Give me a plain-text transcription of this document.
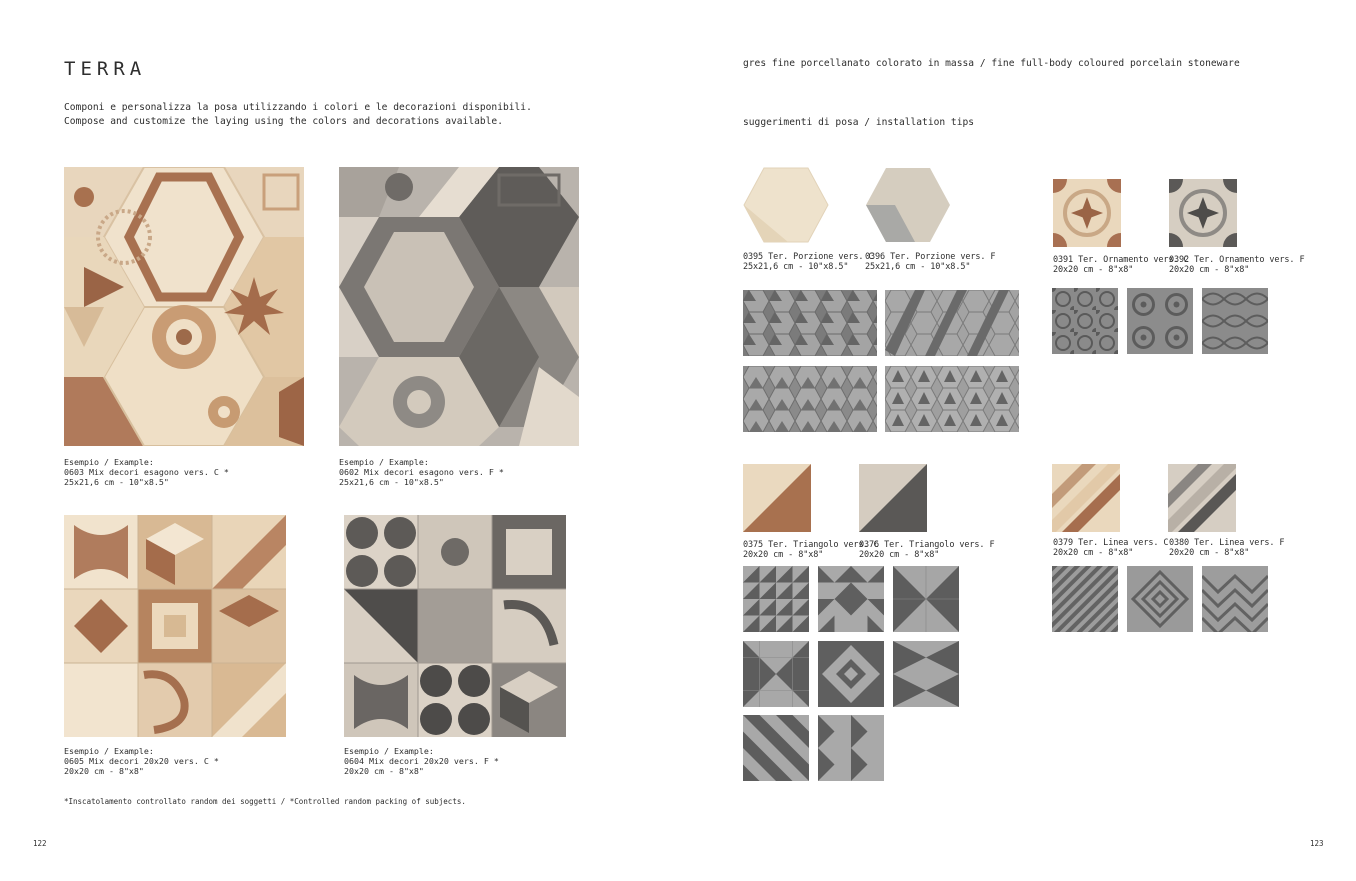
TERRA
Componi e personalizza la posa utilizzando i colori e le decorazioni disponibili.
Compose and customize the laying using the colors and decorations available.
Esempio / Example:
0603 Mix decori esagono vers. C *
25x21,6 cm - 10"x8.5"
Esempio / Example:
0602 Mix decori esagono vers. F *
25x21,6 cm - 10"x8.5"
Esempio / Example:
0605 Mix decori 20x20 vers. C *
20x20 cm - 8"x8"
Esempio / Example:
0604 Mix decori 20x20 vers. F *
20x20 cm - 8"x8"
*Inscatolamento controllato random dei soggetti / *Controlled random packing of subjects.
122
gres fine porcellanato colorato in massa / fine full-body coloured porcelain stoneware
suggerimenti di posa / installation tips
0395 Ter. Porzione vers. C
25x21,6 cm - 10"x8.5"
0396 Ter. Porzione vers. F
25x21,6 cm - 10"x8.5"
0391 Ter. Ornamento vers. C
20x20 cm - 8"x8"
0392 Ter. Ornamento vers. F
20x20 cm - 8"x8"
0375 Ter. Triangolo vers. C
20x20 cm - 8"x8"
0376 Ter. Triangolo vers. F
20x20 cm - 8"x8"
0379 Ter. Linea vers. C
20x20 cm - 8"x8"
0380 Ter. Linea vers. F
20x20 cm - 8"x8"
123
